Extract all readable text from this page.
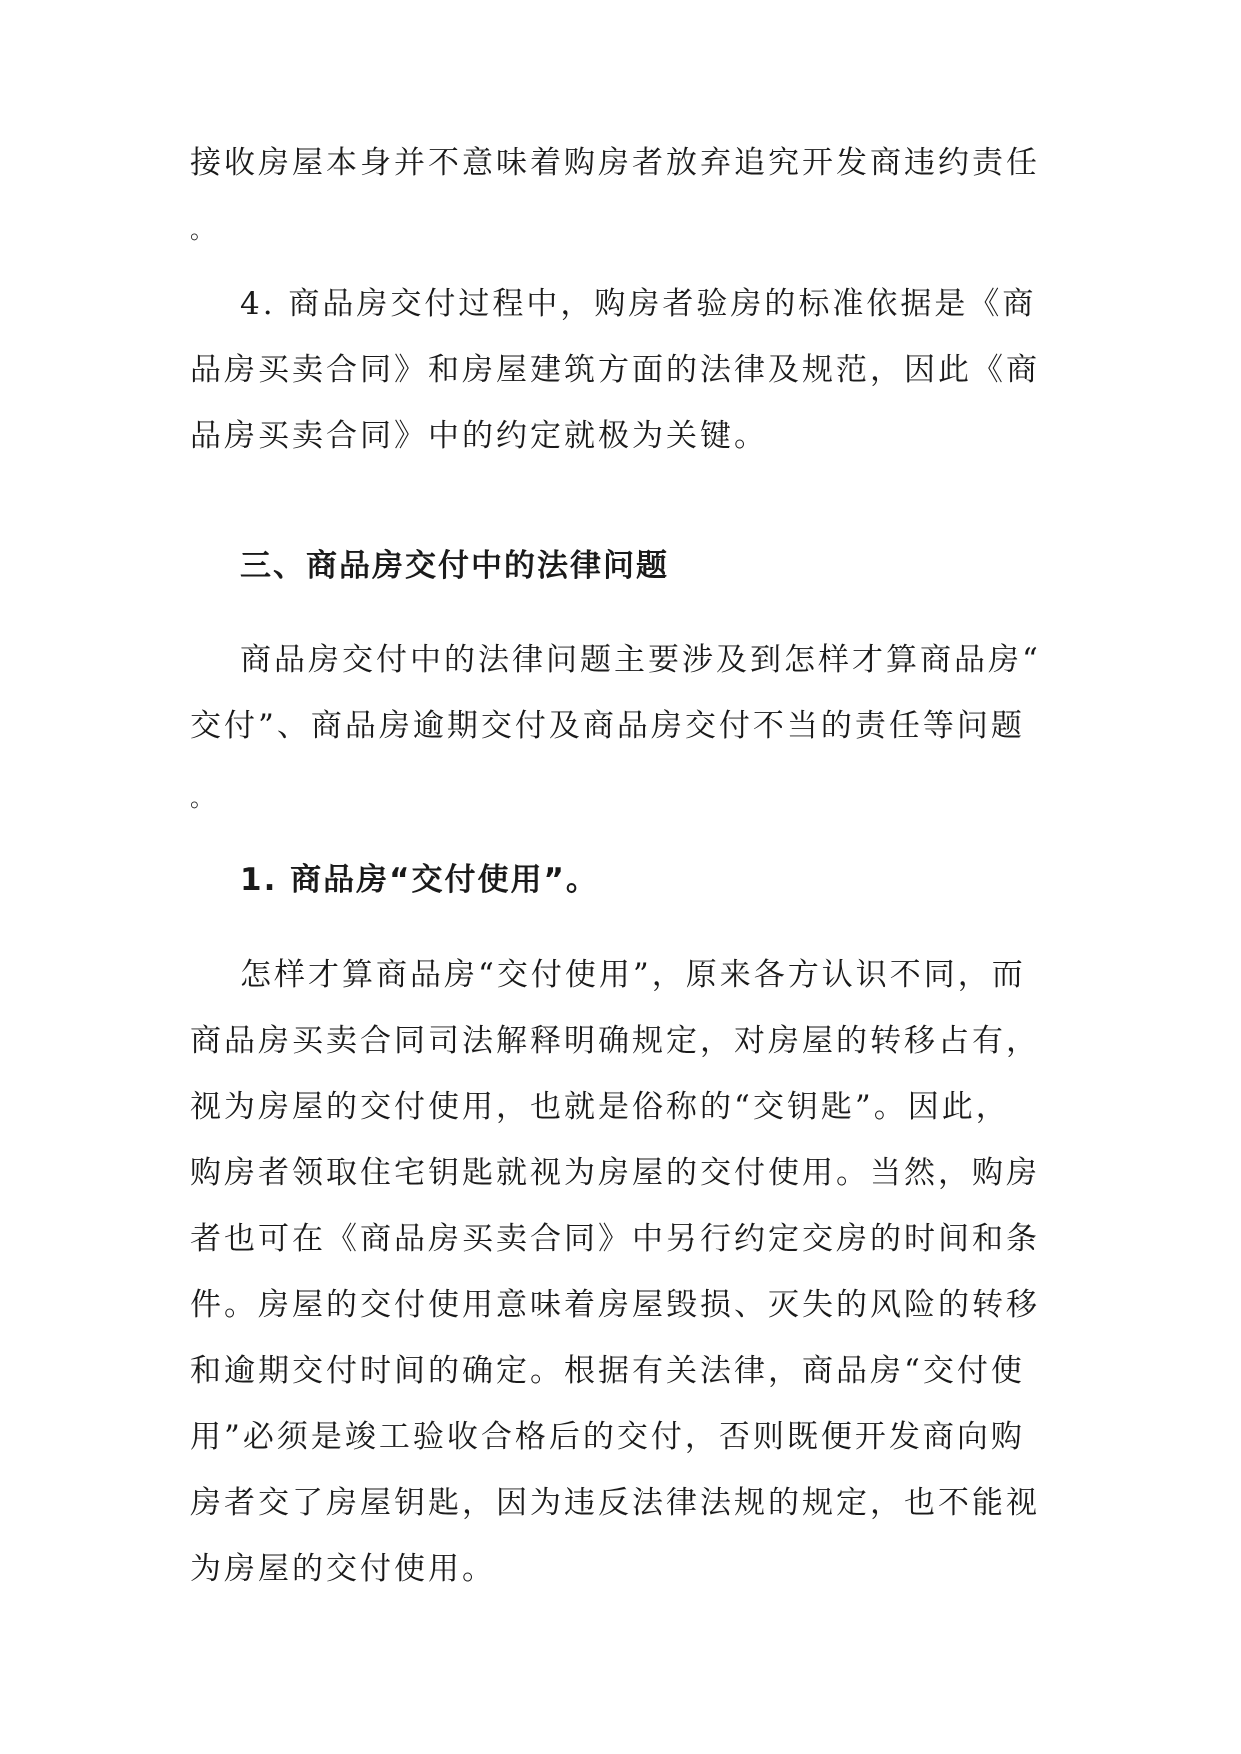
接收房屋本身并不意味着购房者放弃追究开发商违约责任
。
4. 商品房交付过程中，购房者验房的标准依据是《商
品房买卖合同》和房屋建筑方面的法律及规范，因此《商
品房买卖合同》中的约定就极为关键。
三、商品房交付中的法律问题
商品房交付中的法律问题主要涉及到怎样才算商品房“
交付”、商品房逾期交付及商品房交付不当的责任等问题
。
1. 商品房“交付使用”。
怎样才算商品房“交付使用”，原来各方认识不同，而
商品房买卖合同司法解释明确规定，对房屋的转移占有，
视为房屋的交付使用，也就是俗称的“交钥匙”。因此，
购房者领取住宅钥匙就视为房屋的交付使用。当然，购房
者也可在《商品房买卖合同》中另行约定交房的时间和条
件。房屋的交付使用意味着房屋毁损、灭失的风险的转移
和逾期交付时间的确定。根据有关法律，商品房“交付使
用”必须是竣工验收合格后的交付，否则既便开发商向购
房者交了房屋钥匙，因为违反法律法规的规定，也不能视
为房屋的交付使用。
